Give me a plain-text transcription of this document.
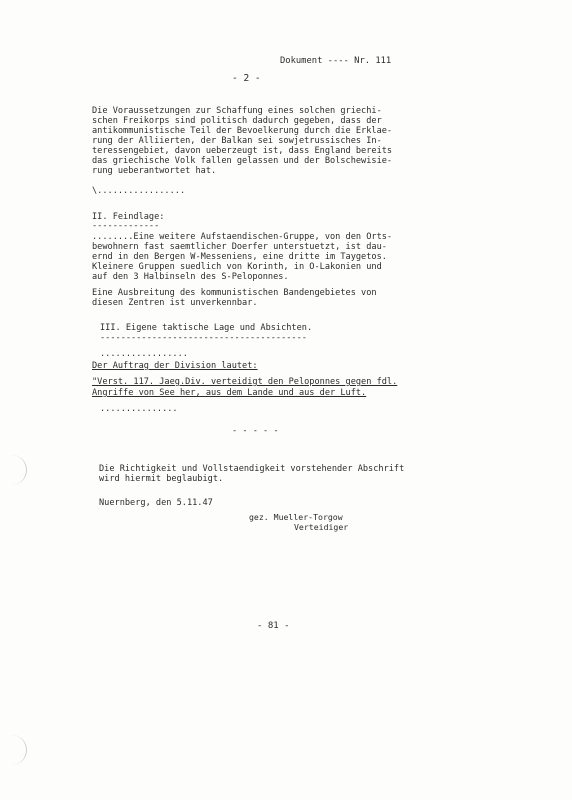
Dokument ---- Nr. 111
- 2 -
Die Voraussetzungen zur Schaffung eines solchen griechi-
schen Freikorps sind politisch dadurch gegeben, dass der
antikommunistische Teil der Bevoelkerung durch die Erklae-
rung der Alliierten, der Balkan sei sowjetrussisches In-
teressengebiet, davon ueberzeugt ist, dass England bereits
das griechische Volk fallen gelassen und der Bolschewisie-
rung ueberantwortet hat.
\.................
II. Feindlage:
-------------
........Eine weitere Aufstaendischen-Gruppe, von den Orts-
bewohnern fast saemtlicher Doerfer unterstuetzt, ist dau-
ernd in den Bergen W-Messeniens, eine dritte im Taygetos.
Kleinere Gruppen suedlich von Korinth, in O-Lakonien und
auf den 3 Halbinseln des S-Peloponnes.
Eine Ausbreitung des kommunistischen Bandengebietes von
diesen Zentren ist unverkennbar.
III. Eigene taktische Lage und Absichten.
----------------------------------------
.................
Der Auftrag der Division lautet:
"Verst. 117. Jaeg.Div. verteidigt den Peloponnes gegen fdl.
Angriffe von See her, aus dem Lande und aus der Luft.
...............
- - - - -
Die Richtigkeit und Vollstaendigkeit vorstehender Abschrift
wird hiermit beglaubigt.
Nuernberg, den 5.11.47
gez. Mueller-Torgow
Verteidiger
- 81 -
